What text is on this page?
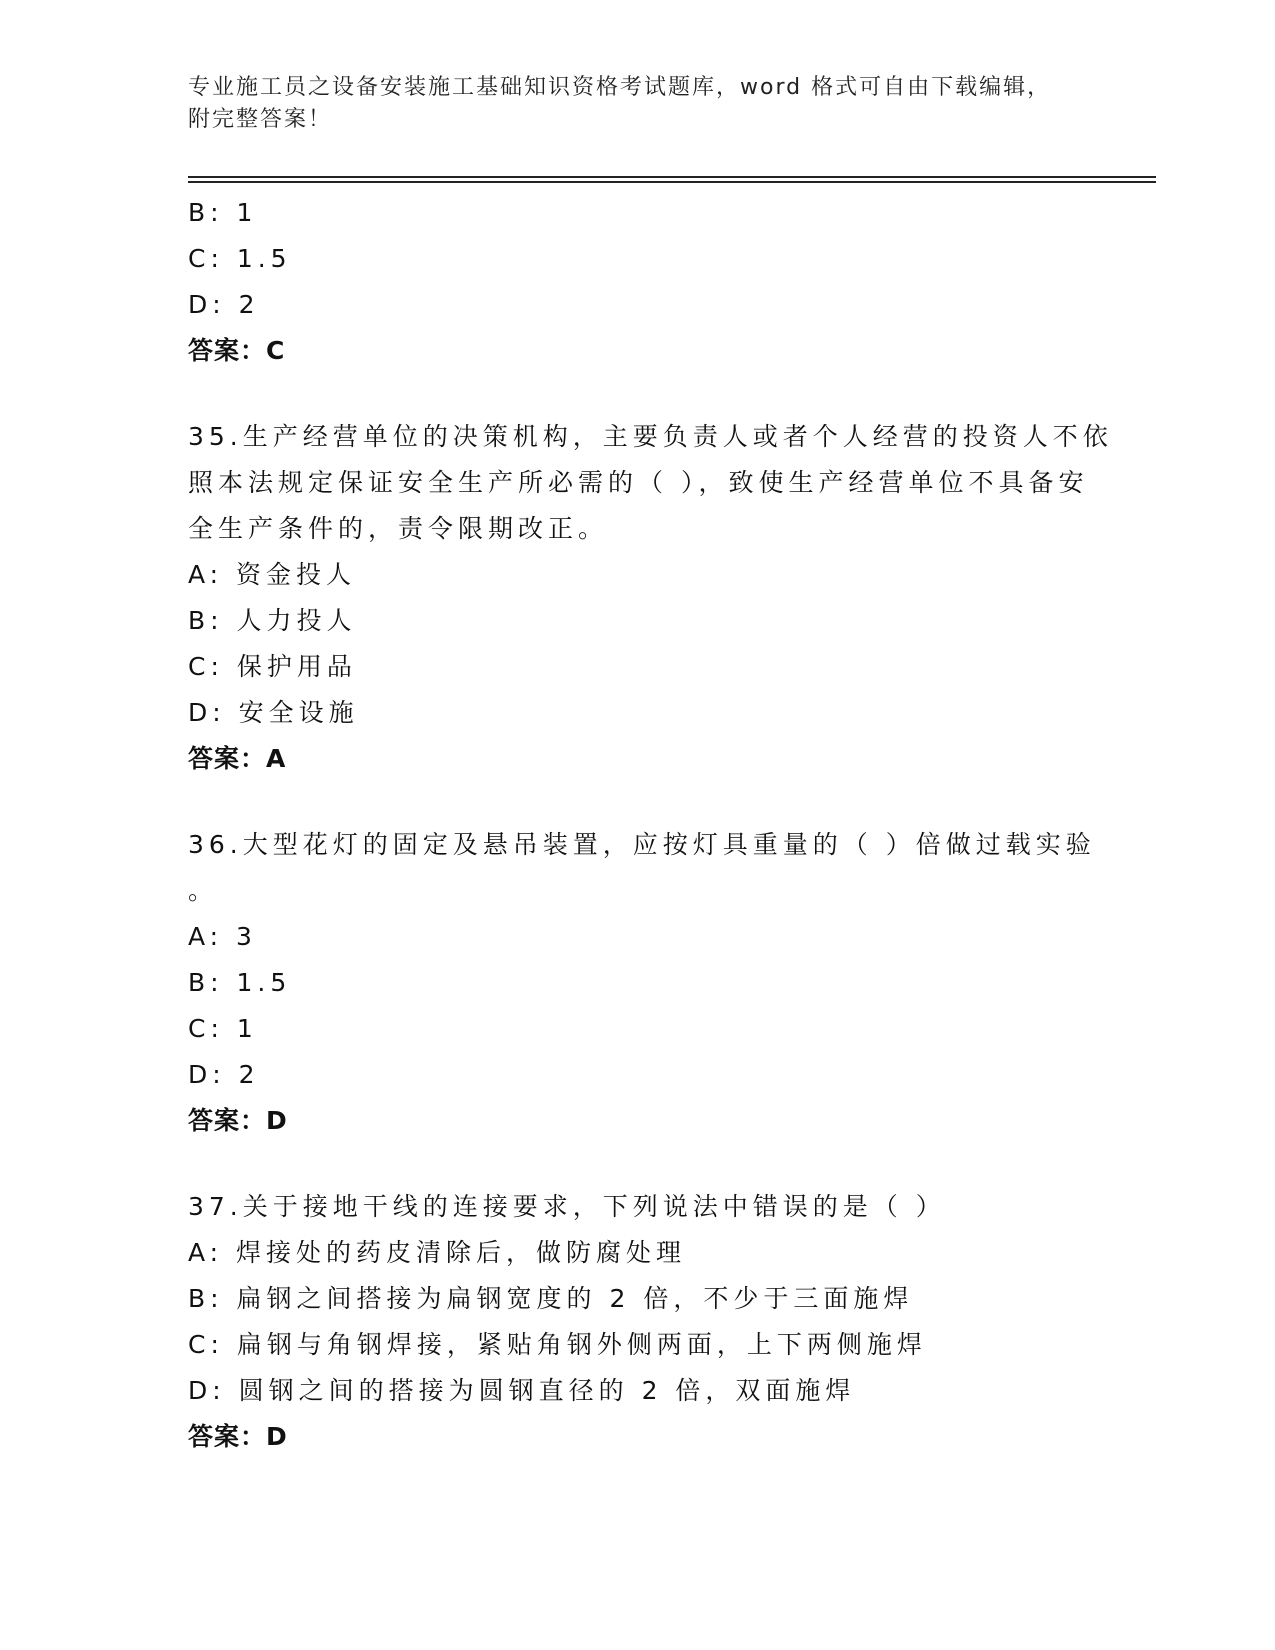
专业施工员之设备安装施工基础知识资格考试题库，word 格式可自由下载编辑，
附完整答案！
B: 1
C: 1.5
D: 2
答案：C
35.生产经营单位的决策机构，主要负责人或者个人经营的投资人不依
照本法规定保证安全生产所必需的（ ），致使生产经营单位不具备安
全生产条件的，责令限期改正。
A: 资金投人
B: 人力投人
C: 保护用品
D: 安全设施
答案：A
36.大型花灯的固定及悬吊装置，应按灯具重量的（ ）倍做过载实验
。
A: 3
B: 1.5
C: 1
D: 2
答案：D
37.关于接地干线的连接要求，下列说法中错误的是（ ）
A: 焊接处的药皮清除后，做防腐处理
B: 扁钢之间搭接为扁钢宽度的 2 倍，不少于三面施焊
C: 扁钢与角钢焊接，紧贴角钢外侧两面，上下两侧施焊
D: 圆钢之间的搭接为圆钢直径的 2 倍，双面施焊
答案：D
